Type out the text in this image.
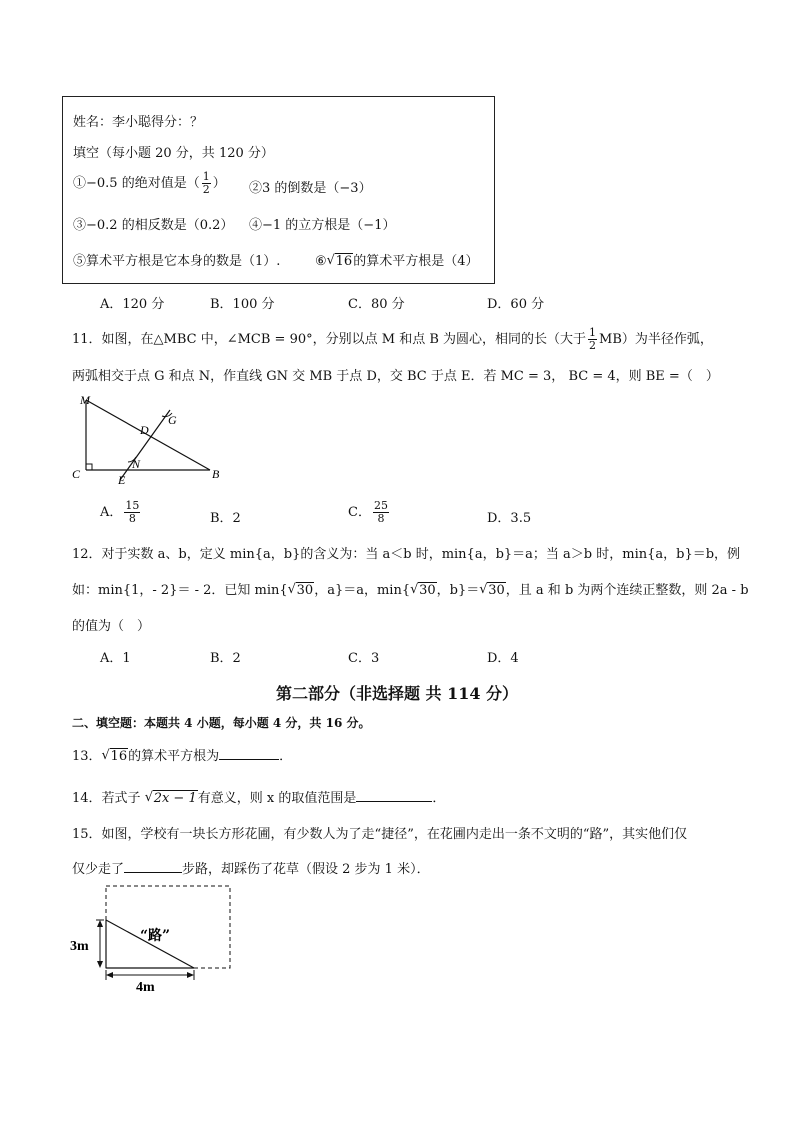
姓名：李小聪得分：？
填空（每小题 20 分，共 120 分）
①−0.5 的绝对值是（ $\frac{1}{2}$ ） ②3 的倒数是（−3）
③−0.2 的相反数是（0.2） ④−1 的立方根是（−1）
⑤算术平方根是它本身的数是（1）.	⑥ √ 16的算术平方根是（4）
A．120 分	B．100 分	C．80 分	D．60 分
11．如图，在△MBC 中，∠MCB = 90°，分别以点 M 和点 B 为圆心，相同的长（大于 $\frac{1}{2} MB$）为半径作弧，
两弧相交于点 G 和点 N，作直线 GN 交 MB 于点 D，交 BC 于点 E．若 MC = 3， BC = 4，则 BE =（　）
M
G
D
N
C	E	B
A． $\frac{15}{8}$	B．2	C． $\frac{25}{8}$	D．3.5
12．对于实数 a、b，定义 min{a，b}的含义为：当 a＜b 时，min{a，b}＝a；当 a＞b 时，min{a，b}＝b，例
如：min{1，- 2}＝ - 2．已知 min{ √ 30，a}＝a，min{ √ 30，b}＝ √ 30，且 a 和 b 为两个连续正整数，则 2a - b
的值为（　）
A．1	B．2	C．3	D．4
第二部分（非选择题 共 114 分）
二、填空题：本题共 4 小题，每小题 4 分，共 16 分。
13． √ 16的算术平方根为	．
14．若式子 √ 2x − 1有意义，则 x 的取值范围是	．
15．如图，学校有一块长方形花圃，有少数人为了走“捷径”，在花圃内走出一条不文明的“路”，其实他们仅
仅少走了	步路，却踩伤了花草（假设 2 步为 1 米）．
3m
4m
“路”
